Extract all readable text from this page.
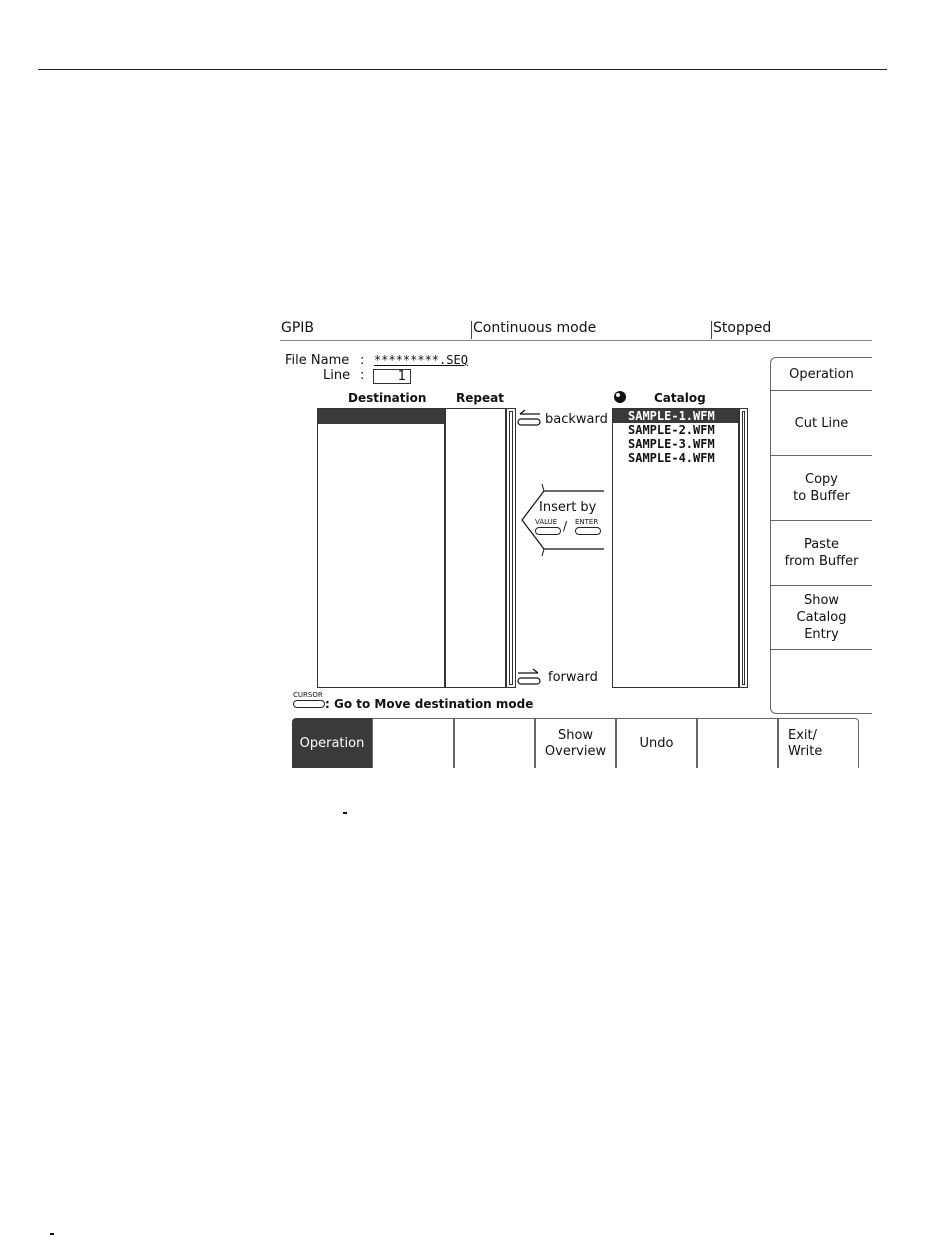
GPIB	Continuous mode	Stopped
File Name : *********.SEQ
Line :	1
Destination Repeat	Catalog
backward
Insert by
VALUE / ENTER
forward
SAMPLE-1.WFM
SAMPLE-2.WFM
SAMPLE-3.WFM
SAMPLE-4.WFM
CURSOR
: Go to Move destination mode
Operation
Cut Line
Copy
to Buffer
Paste
from Buffer
Show
Catalog
Entry
Operation
Show
Overview
Undo
Exit/
Write
